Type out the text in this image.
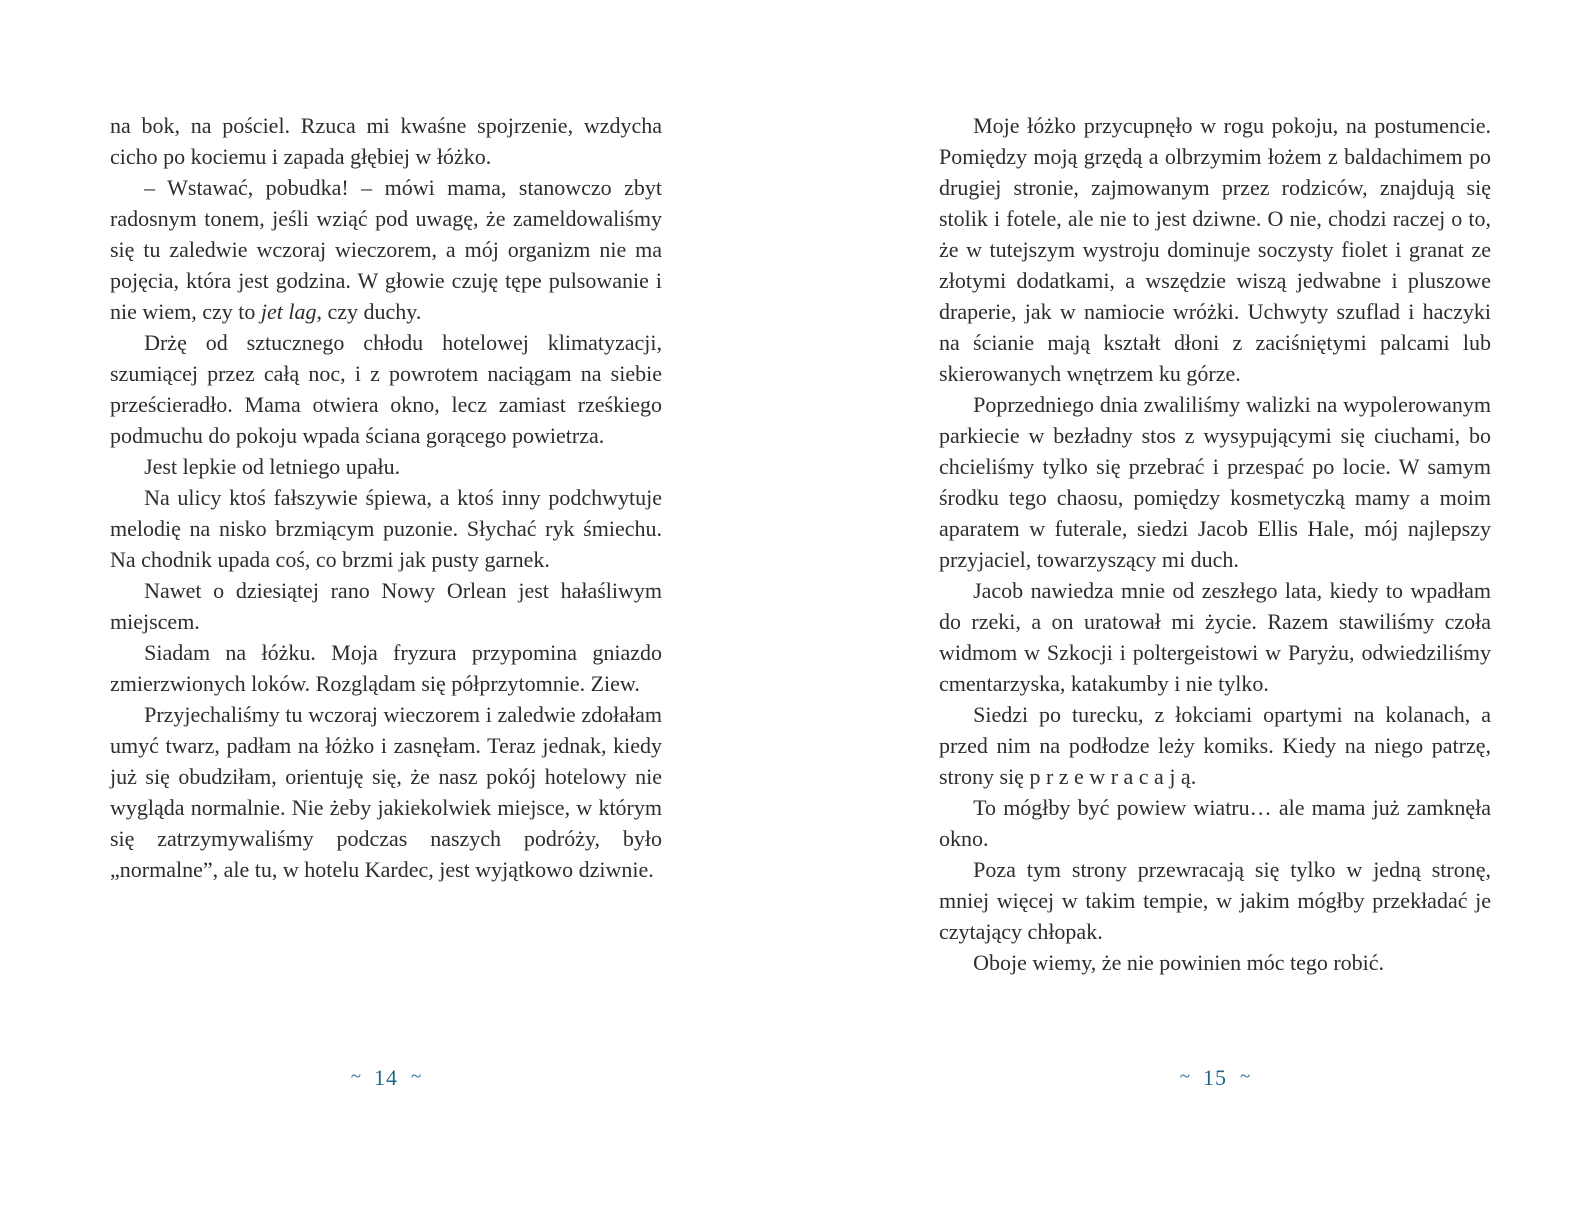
na bok, na pościel. Rzuca mi kwaśne spojrzenie, wzdycha cicho po kociemu i zapada głębiej w łóżko.

– Wstawać, pobudka! – mówi mama, stanowczo zbyt radosnym tonem, jeśli wziąć pod uwagę, że zameldowaliśmy się tu zaledwie wczoraj wieczorem, a mój organizm nie ma pojęcia, która jest godzina. W głowie czuję tępe pulsowanie i nie wiem, czy to jet lag, czy duchy.

Drżę od sztucznego chłodu hotelowej klimatyzacji, szumiącej przez całą noc, i z powrotem naciągam na siebie prześcieradło. Mama otwiera okno, lecz zamiast rześkiego podmuchu do pokoju wpada ściana gorącego powietrza.

Jest lepkie od letniego upału.

Na ulicy ktoś fałszywie śpiewa, a ktoś inny podchwytuje melodię na nisko brzmiącym puzonie. Słychać ryk śmiechu. Na chodnik upada coś, co brzmi jak pusty garnek.

Nawet o dziesiątej rano Nowy Orlean jest hałaśliwym miejscem.

Siadam na łóżku. Moja fryzura przypomina gniazdo zmierzwionych loków. Rozglądam się półprzytomnie. Ziew.

Przyjechaliśmy tu wczoraj wieczorem i zaledwie zdołałam umyć twarz, padłam na łóżko i zasnęłam. Teraz jednak, kiedy już się obudziłam, orientuję się, że nasz pokój hotelowy nie wygląda normalnie. Nie żeby jakiekolwiek miejsce, w którym się zatrzymywaliśmy podczas naszych podróży, było „normalne”, ale tu, w hotelu Kardec, jest wyjątkowo dziwnie.

~ 14 ~

Moje łóżko przycupnęło w rogu pokoju, na postumencie. Pomiędzy moją grzędą a olbrzymim łożem z baldachimem po drugiej stronie, zajmowanym przez rodziców, znajdują się stolik i fotele, ale nie to jest dziwne. O nie, chodzi raczej o to, że w tutejszym wystroju dominuje soczysty fiolet i granat ze złotymi dodatkami, a wszędzie wiszą jedwabne i pluszowe draperie, jak w namiocie wróżki. Uchwyty szuflad i haczyki na ścianie mają kształt dłoni z zaciśniętymi palcami lub skierowanych wnętrzem ku górze.

Poprzedniego dnia zwaliliśmy walizki na wypolerowanym parkiecie w bezładny stos z wysypującymi się ciuchami, bo chcieliśmy tylko się przebrać i przespać po locie. W samym środku tego chaosu, pomiędzy kosmetyczką mamy a moim aparatem w futerale, siedzi Jacob Ellis Hale, mój najlepszy przyjaciel, towarzyszący mi duch.

Jacob nawiedza mnie od zeszłego lata, kiedy to wpadłam do rzeki, a on uratował mi życie. Razem stawiliśmy czoła widmom w Szkocji i poltergeistowi w Paryżu, odwiedziliśmy cmentarzyska, katakumby i nie tylko.

Siedzi po turecku, z łokciami opartymi na kolanach, a przed nim na podłodze leży komiks. Kiedy na niego patrzę, strony się p r z e w r a c a j ą.

To mógłby być powiew wiatru… ale mama już zamknęła okno.

Poza tym strony przewracają się tylko w jedną stronę, mniej więcej w takim tempie, w jakim mógłby przekładać je czytający chłopak.

Oboje wiemy, że nie powinien móc tego robić.

~ 15 ~
